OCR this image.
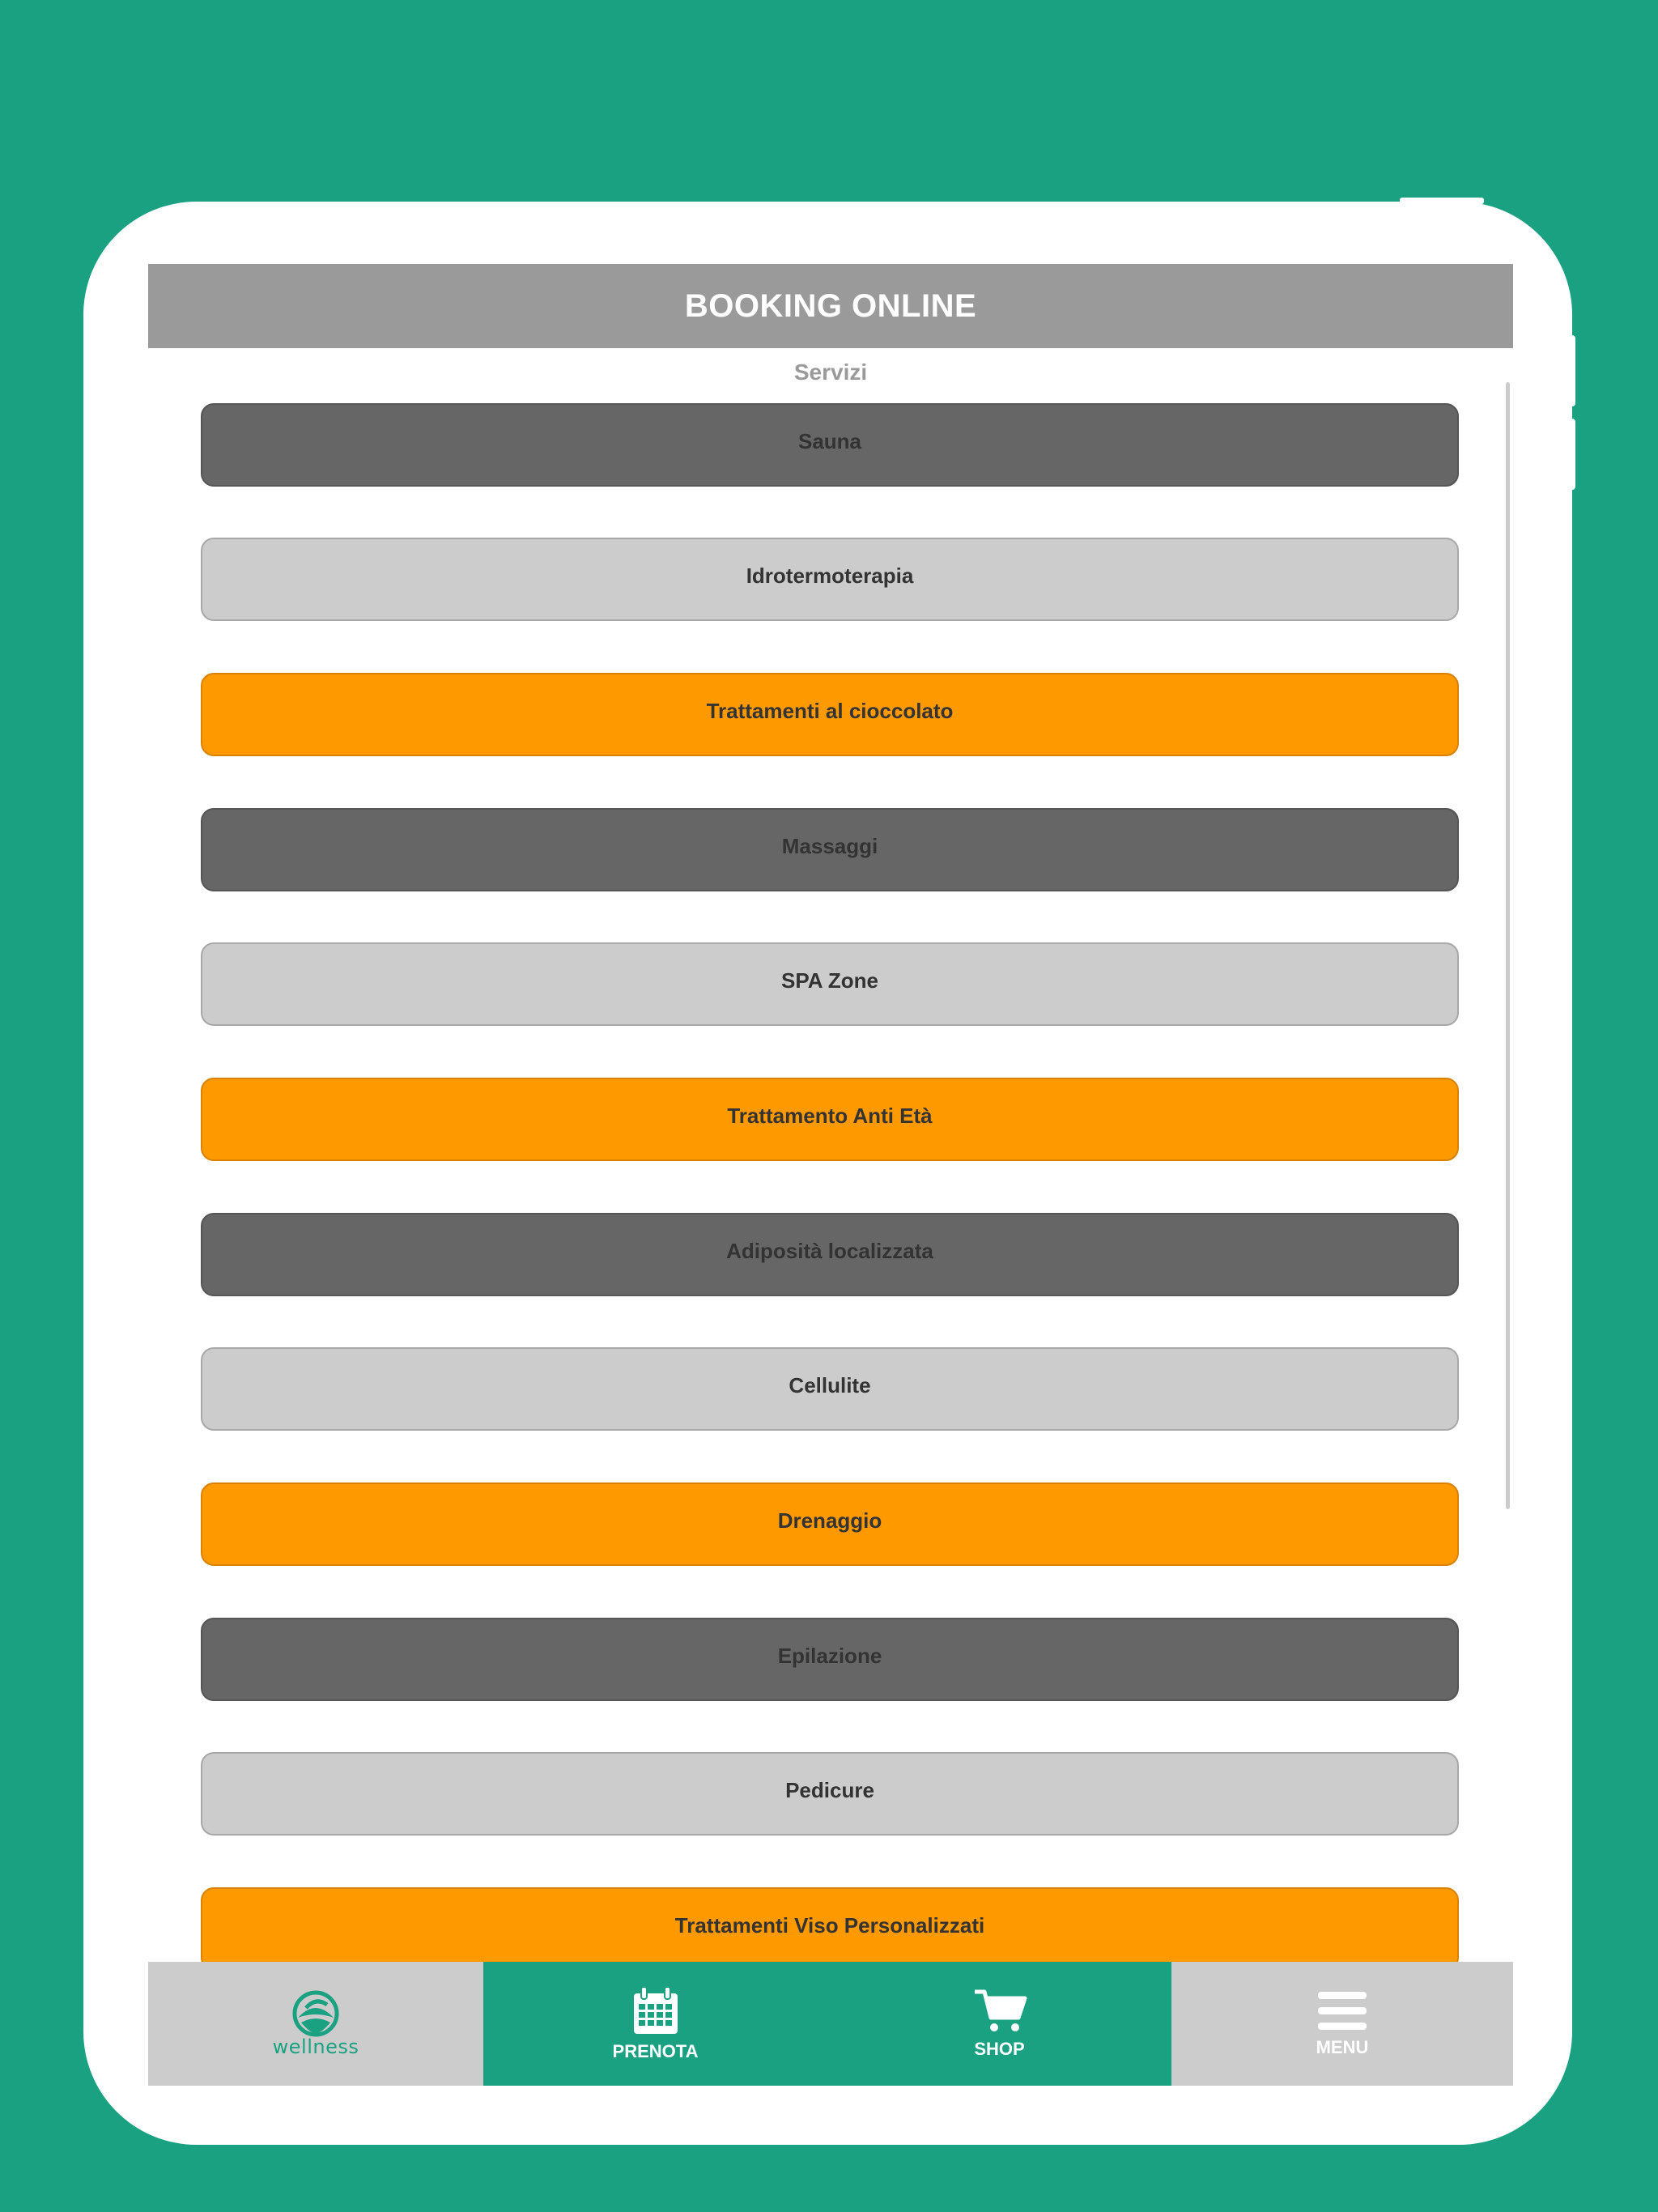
BOOKING ONLINE
Servizi
Sauna
Idrotermoterapia
Trattamenti al cioccolato
Massaggi
SPA Zone
Trattamento Anti Età
Adiposità localizzata
Cellulite
Drenaggio
Epilazione
Pedicure
Trattamenti Viso Personalizzati
wellness	PRENOTA	SHOP	MENU
